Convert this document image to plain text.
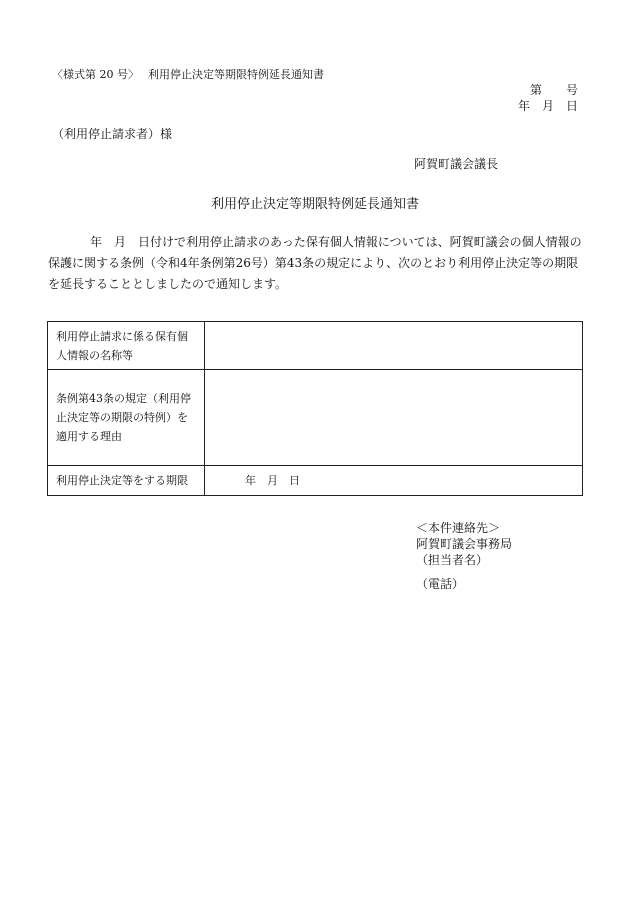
〈様式第 20 号〉　 利用停止決定等期限特例延長通知書
第　　号
年　月　日
（利用停止請求者）様
阿賀町議会議長
利用停止決定等期限特例延長通知書
年　月　日付けで利用停止請求のあった保有個人情報については、阿賀町議会の個人情報の保護に関する条例（令和4年条例第26号）第43条の規定により、次のとおり利用停止決定等の期限を延長することとしましたので通知します。
利用停止請求に係る保有個人情報の名称等	
条例第43条の規定（利用停止決定等の期限の特例）を適用する理由	
利用停止決定等をする期限	年　月　日
＜本件連絡先＞
阿賀町議会事務局
（担当者名）
（電話）
